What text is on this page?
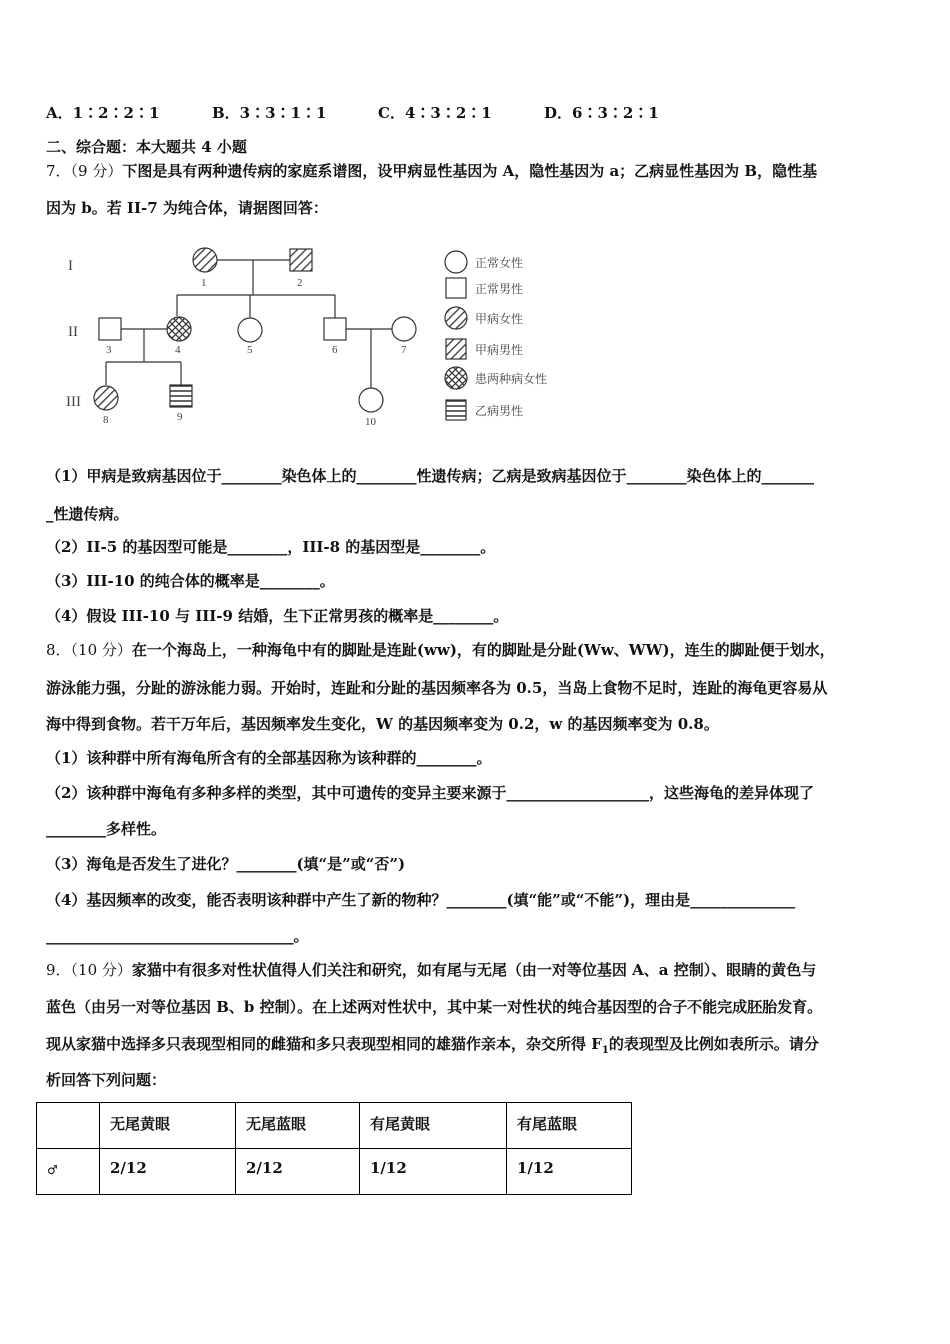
A．1∶2∶2∶1	B．3∶3∶1∶1	C．4∶3∶2∶1	D．6∶3∶2∶1
二、综合题：本大题共 4 小题
7．（9 分）下图是具有两种遗传病的家庭系谱图，设甲病显性基因为 A，隐性基因为 a；乙病显性基因为 B，隐性基
因为 b。若 II-7 为纯合体，请据图回答：
I
II
III
1	2
3	4	5	6	7
8	9	10
正常女性
正常男性
甲病女性
甲病男性
患两种病女性
乙病男性
（1）甲病是致病基因位于________染色体上的________性遗传病；乙病是致病基因位于________染色体上的_______
_性遗传病。
（2）II-5 的基因型可能是________，III-8 的基因型是________。
（3）III-10 的纯合体的概率是________。
（4）假设 III-10 与 III-9 结婚，生下正常男孩的概率是________。
8．（10 分）在一个海岛上，一种海龟中有的脚趾是连趾(ww)，有的脚趾是分趾(Ww、WW)，连生的脚趾便于划水，
游泳能力强，分趾的游泳能力弱。开始时，连趾和分趾的基因频率各为 0.5，当岛上食物不足时，连趾的海龟更容易从
海中得到食物。若干万年后，基因频率发生变化，W 的基因频率变为 0.2，w 的基因频率变为 0.8。
（1）该种群中所有海龟所含有的全部基因称为该种群的________。
（2）该种群中海龟有多种多样的类型，其中可遗传的变异主要来源于___________________，这些海龟的差异体现了
________多样性。
（3）海龟是否发生了进化？________(填“是”或“否”)
（4）基因频率的改变，能否表明该种群中产生了新的物种？________(填“能”或“不能”)，理由是______________
_________________________________。
9．（10 分）家猫中有很多对性状值得人们关注和研究，如有尾与无尾（由一对等位基因 A、a 控制）、眼睛的黄色与
蓝色（由另一对等位基因 B、b 控制）。在上述两对性状中，其中某一对性状的纯合基因型的合子不能完成胚胎发育。
现从家猫中选择多只表现型相同的雌猫和多只表现型相同的雄猫作亲本，杂交所得 $F_1$的表现型及比例如表所示。请分
析回答下列问题：
	无尾黄眼	无尾蓝眼	有尾黄眼	有尾蓝眼
♂	2/12	2/12	1/12	1/12
